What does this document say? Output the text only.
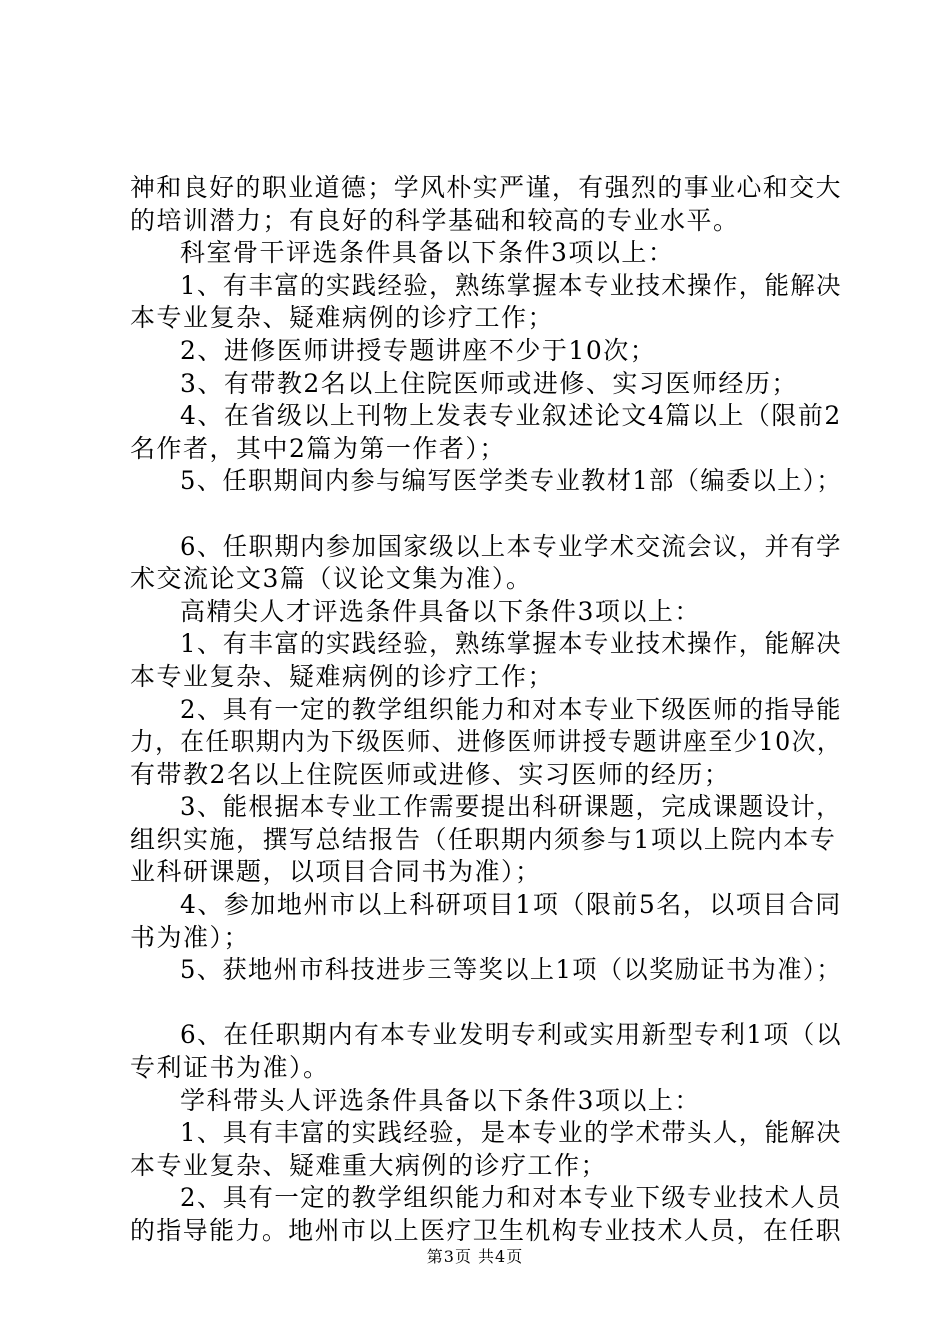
神和良好的职业道德；学风朴实严谨，有强烈的事业心和交大
的培训潜力；有良好的科学基础和较高的专业水平。
科室骨干评选条件具备以下条件3项以上：
1、有丰富的实践经验，熟练掌握本专业技术操作，能解决
本专业复杂、疑难病例的诊疗工作；
2、进修医师讲授专题讲座不少于10次；
3、有带教2名以上住院医师或进修、实习医师经历；
4、在省级以上刊物上发表专业叙述论文4篇以上（限前2
名作者，其中2篇为第一作者）；
5、任职期间内参与编写医学类专业教材1部（编委以上）；
6、任职期内参加国家级以上本专业学术交流会议，并有学
术交流论文3篇（议论文集为准）。
高精尖人才评选条件具备以下条件3项以上：
1、有丰富的实践经验，熟练掌握本专业技术操作，能解决
本专业复杂、疑难病例的诊疗工作；
2、具有一定的教学组织能力和对本专业下级医师的指导能
力，在任职期内为下级医师、进修医师讲授专题讲座至少10次，
有带教2名以上住院医师或进修、实习医师的经历；
3、能根据本专业工作需要提出科研课题，完成课题设计，
组织实施，撰写总结报告（任职期内须参与1项以上院内本专
业科研课题，以项目合同书为准）；
4、参加地州市以上科研项目1项（限前5名，以项目合同
书为准）；
5、获地州市科技进步三等奖以上1项（以奖励证书为准）；
6、在任职期内有本专业发明专利或实用新型专利1项（以
专利证书为准）。
学科带头人评选条件具备以下条件3项以上：
1、具有丰富的实践经验，是本专业的学术带头人，能解决
本专业复杂、疑难重大病例的诊疗工作；
2、具有一定的教学组织能力和对本专业下级专业技术人员
的指导能力。地州市以上医疗卫生机构专业技术人员，在任职
第3页 共4页
